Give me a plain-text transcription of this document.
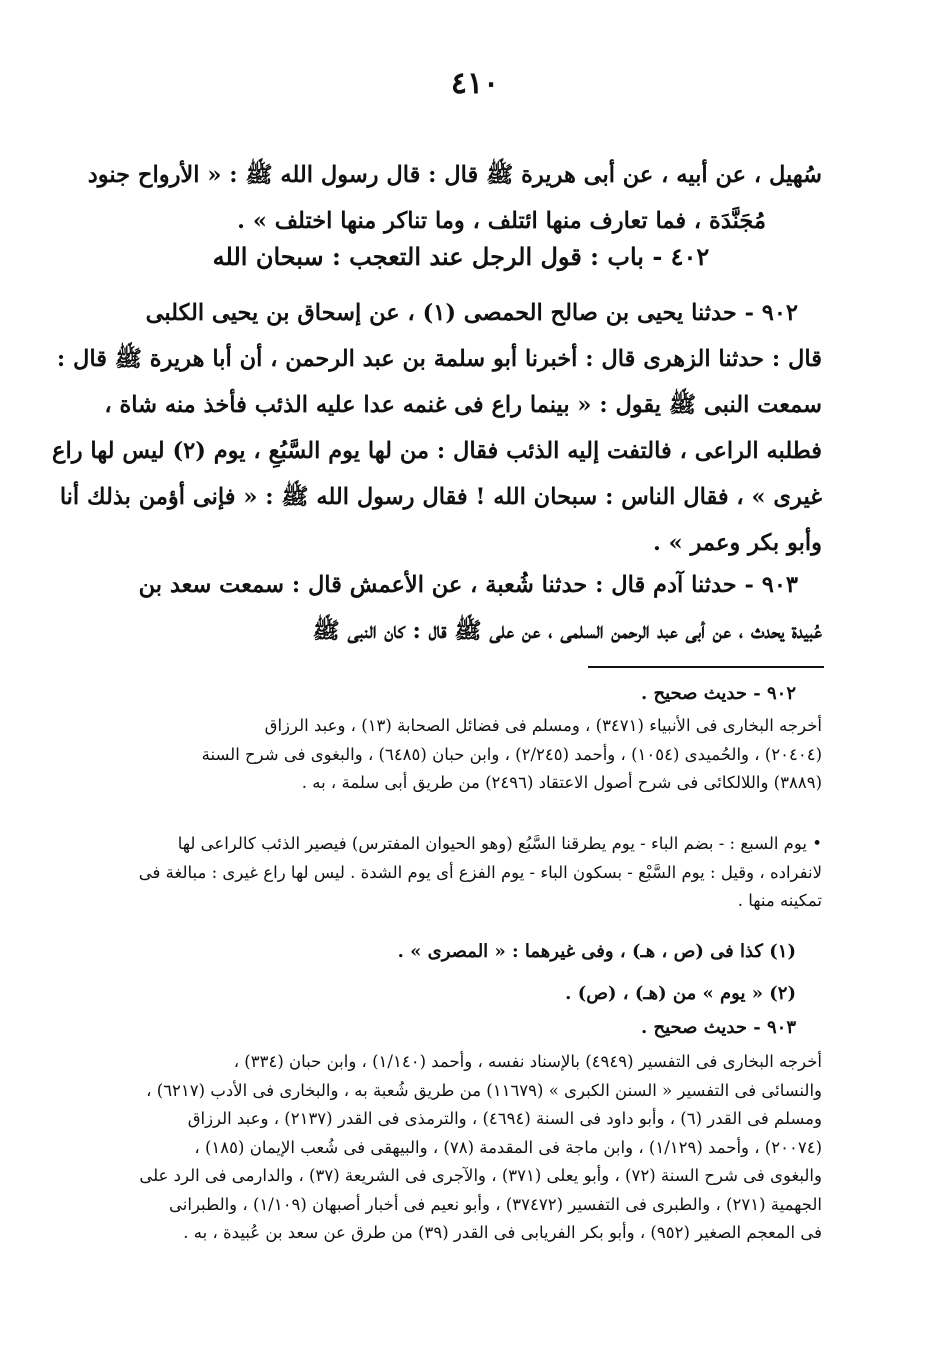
٤١٠
سُهيل ، عن أبيه ، عن أبى هريرة ﷺ قال : قال رسول الله ﷺ : « الأرواح جنود
مُجَنَّدَة ، فما تعارف منها ائتلف ، وما تناكر منها اختلف » .
٤٠٢ - باب : قول الرجل عند التعجب : سبحان الله
٩٠٢ - حدثنا يحيى بن صالح الحمصى (١) ، عن إسحاق بن يحيى الكلبى
قال : حدثنا الزهرى قال : أخبرنا أبو سلمة بن عبد الرحمن ، أن أبا هريرة ﷺ قال :
سمعت النبى ﷺ يقول : « بينما راع فى غنمه عدا عليه الذئب فأخذ منه شاة ،
فطلبه الراعى ، فالتفت إليه الذئب فقال : من لها يوم السَّبُعِ ، يوم (٢) ليس لها راع
غيرى » ، فقال الناس : سبحان الله ! فقال رسول الله ﷺ : « فإنى أؤمن بذلك أنا
وأبو بكر وعمر » .
٩٠٣ - حدثنا آدم قال : حدثنا شُعبة ، عن الأعمش قال : سمعت سعد بن
عُبيدة يحدث ، عن أبى عبد الرحمن السلمى ، عن على ﷺ قال : كان النبى ﷺ
٩٠٢ - حديث صحيح .
أخرجه البخارى فى الأنبياء (٣٤٧١) ، ومسلم فى فضائل الصحابة (١٣) ، وعبد الرزاق
(٢٠٤٠٤) ، والحُميدى (١٠٥٤) ، وأحمد (٢/٢٤٥) ، وابن حبان (٦٤٨٥) ، والبغوى فى شرح السنة
(٣٨٨٩) واللالكائى فى شرح أصول الاعتقاد (٢٤٩٦) من طريق أبى سلمة ، به .
• يوم السبع : - بضم الباء - يوم يطرقنا السَّبُع (وهو الحيوان المفترس) فيصير الذئب كالراعى لها
لانفراده ، وقيل : يوم السَّبْع - بسكون الباء - يوم الفزع أى يوم الشدة . ليس لها راع غيرى : مبالغة فى
تمكينه منها .
(١) كذا فى (ص ، هـ) ، وفى غيرهما : « المصرى » .
(٢) « يوم » من (هـ) ، (ص) .
٩٠٣ - حديث صحيح .
أخرجه البخارى فى التفسير (٤٩٤٩) بالإسناد نفسه ، وأحمد (١/١٤٠) ، وابن حبان (٣٣٤) ،
والنسائى فى التفسير « السنن الكبرى » (١١٦٧٩) من طريق شُعبة به ، والبخارى فى الأدب (٦٢١٧) ،
ومسلم فى القدر (٦) ، وأبو داود فى السنة (٤٦٩٤) ، والترمذى فى القدر (٢١٣٧) ، وعبد الرزاق
(٢٠٠٧٤) ، وأحمد (١/١٢٩) ، وابن ماجة فى المقدمة (٧٨) ، والبيهقى فى شُعب الإيمان (١٨٥) ،
والبغوى فى شرح السنة (٧٢) ، وأبو يعلى (٣٧١) ، والآجرى فى الشريعة (٣٧) ، والدارمى فى الرد على
الجهمية (٢٧١) ، والطبرى فى التفسير (٣٧٤٧٢) ، وأبو نعيم فى أخبار أصبهان (١/١٠٩) ، والطبرانى
فى المعجم الصغير (٩٥٢) ، وأبو بكر الفريابى فى القدر (٣٩) من طرق عن سعد بن عُبيدة ، به .
